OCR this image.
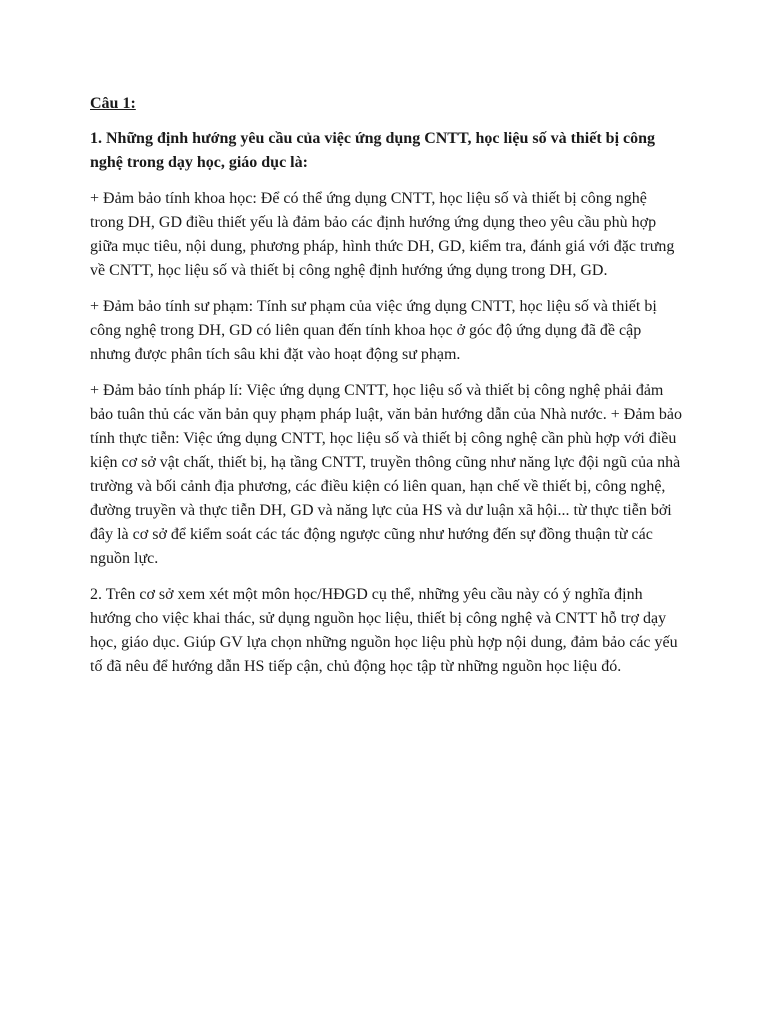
Câu 1:

1. Những định hướng yêu cầu của việc ứng dụng CNTT, học liệu số và thiết bị công nghệ trong dạy học, giáo dục là:

+ Đảm bảo tính khoa học: Để có thể ứng dụng CNTT, học liệu số và thiết bị công nghệ trong DH, GD điều thiết yếu là đảm bảo các định hướng ứng dụng theo yêu cầu phù hợp giữa mục tiêu, nội dung, phương pháp, hình thức DH, GD, kiểm tra, đánh giá với đặc trưng về CNTT, học liệu số và thiết bị công nghệ định hướng ứng dụng trong DH, GD.

+ Đảm bảo tính sư phạm: Tính sư phạm của việc ứng dụng CNTT, học liệu số và thiết bị công nghệ trong DH, GD có liên quan đến tính khoa học ở góc độ ứng dụng đã đề cập nhưng được phân tích sâu khi đặt vào hoạt động sư phạm.

+ Đảm bảo tính pháp lí: Việc ứng dụng CNTT, học liệu số và thiết bị công nghệ phải đảm bảo tuân thủ các văn bản quy phạm pháp luật, văn bản hướng dẫn của Nhà nước. + Đảm bảo tính thực tiễn: Việc ứng dụng CNTT, học liệu số và thiết bị công nghệ cần phù hợp với điều kiện cơ sở vật chất, thiết bị, hạ tầng CNTT, truyền thông cũng như năng lực đội ngũ của nhà trường và bối cảnh địa phương, các điều kiện có liên quan, hạn chế về thiết bị, công nghệ, đường truyền và thực tiễn DH, GD và năng lực của HS và dư luận xã hội... từ thực tiễn bởi đây là cơ sở để kiểm soát các tác động ngược cũng như hướng đến sự đồng thuận từ các nguồn lực.

2. Trên cơ sở xem xét một môn học/HĐGD cụ thể, những yêu cầu này có ý nghĩa định hướng cho việc khai thác, sử dụng nguồn học liệu, thiết bị công nghệ và CNTT hỗ trợ dạy học, giáo dục. Giúp GV lựa chọn những nguồn học liệu phù hợp nội dung, đảm bảo các yếu tố đã nêu để hướng dẫn HS tiếp cận, chủ động học tập từ những nguồn học liệu đó.
